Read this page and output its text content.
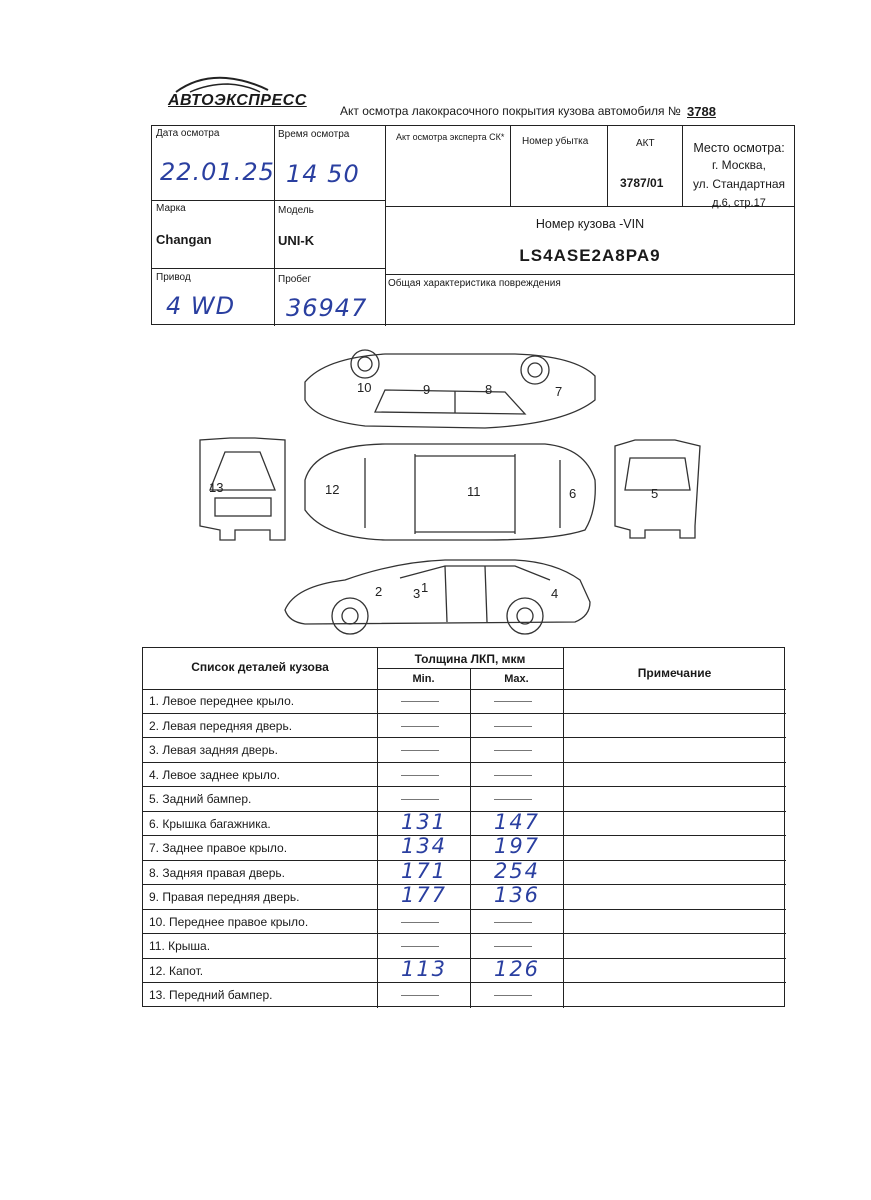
АВТОЭКСПРЕСС
Акт осмотра лакокрасочного покрытия кузова автомобиля № 3788
Дата осмотра
22.01.25
Время осмотра
14 50
Акт осмотра эксперта СК* Номер убытка	АКТ
3787/01
Место осмотра:
г. Москва,
ул. Стандартная
д.6, стр.17
Марка
Changan
Модель
UNI-K
Номер кузова -VIN
LS4ASE2A8PA9
Привод
4 WD
Пробег
36947
Общая характеристика повреждения
1
2 3	4
5
6
7
8
9
10
11
12
13
Список деталей кузова
Толщина ЛКП, мкм
Min.	Max.	Примечание
1. Левое переднее крыло.
2. Левая передняя дверь.
3. Левая задняя дверь.
4. Левое заднее крыло.
5. Задний бампер.
6. Крышка багажника.	131	147
7. Заднее правое крыло.	134	197
8. Задняя правая дверь.	171	254
9. Правая передняя дверь.	177	136
10. Переднее правое крыло.
11. Крыша.
12. Капот.	113	126
13. Передний бампер.
